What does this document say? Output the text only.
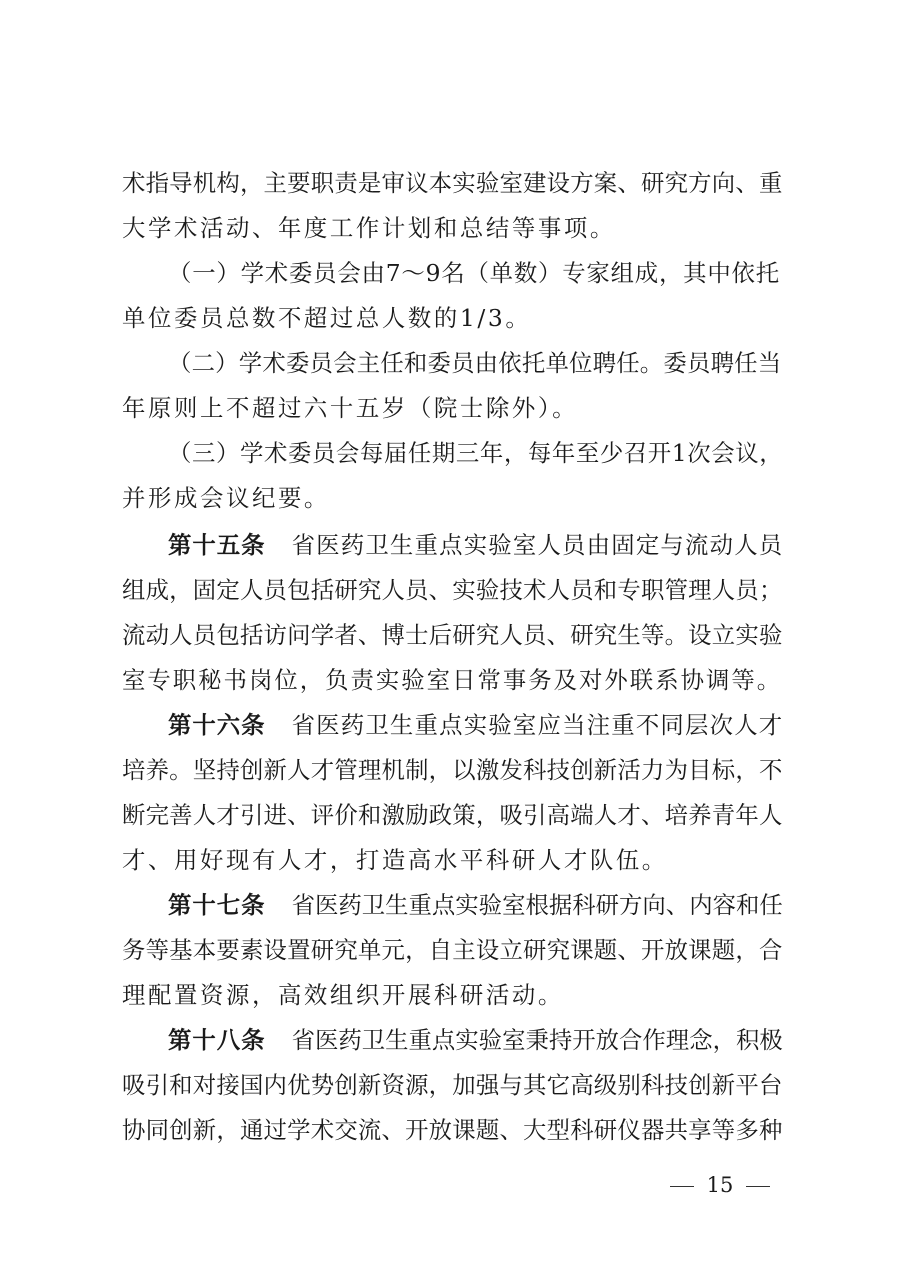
术指导机构，主要职责是审议本实验室建设方案、研究方向、重
大学术活动、年度工作计划和总结等事项。
（一）学术委员会由7～9名（单数）专家组成，其中依托
单位委员总数不超过总人数的1/3。
（二）学术委员会主任和委员由依托单位聘任。委员聘任当
年原则上不超过六十五岁（院士除外）。
（三）学术委员会每届任期三年，每年至少召开1次会议，
并形成会议纪要。
第十五条 省医药卫生重点实验室人员由固定与流动人员
组成，固定人员包括研究人员、实验技术人员和专职管理人员；
流动人员包括访问学者、博士后研究人员、研究生等。设立实验
室专职秘书岗位，负责实验室日常事务及对外联系协调等。
第十六条 省医药卫生重点实验室应当注重不同层次人才
培养。坚持创新人才管理机制，以激发科技创新活力为目标，不
断完善人才引进、评价和激励政策，吸引高端人才、培养青年人
才、用好现有人才，打造高水平科研人才队伍。
第十七条 省医药卫生重点实验室根据科研方向、内容和任
务等基本要素设置研究单元，自主设立研究课题、开放课题，合
理配置资源，高效组织开展科研活动。
第十八条 省医药卫生重点实验室秉持开放合作理念，积极
吸引和对接国内优势创新资源，加强与其它高级别科技创新平台
协同创新，通过学术交流、开放课题、大型科研仪器共享等多种
15
